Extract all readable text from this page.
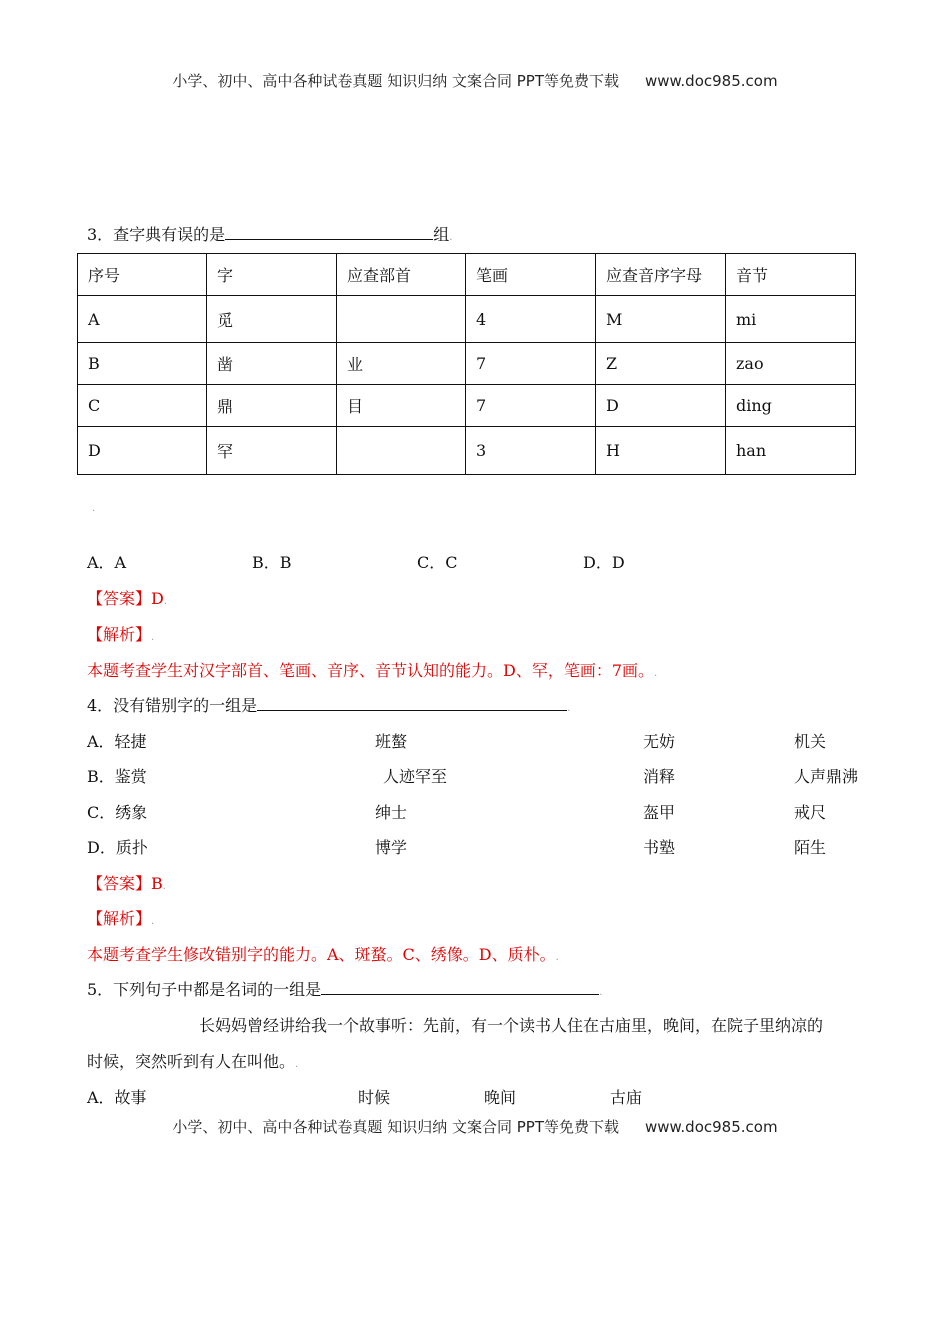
小学、初中、高中各种试卷真题 知识归纳 文案合同 PPT等免费下载 www.doc985.com
3．查字典有误的是	组.
序号	字	应查部首	笔画	应查音序字母	音节
A	觅		4	M	mi
B	凿	业	7	Z	zao
C	鼎	目	7	D	ding
D	罕		3	H	han
.
A．A	B．B	C．C	D．D
【答案】D.
【解析】.
本题考查学生对汉字部首、笔画、音序、音节认知的能力。D、罕，笔画：7画。.
4．没有错别字的一组是	.
A．轻捷	班螯	无妨	机关
B．鉴赏	人迹罕至	消释	人声鼎沸
C．绣象	绅士	盔甲	戒尺
D．质扑	博学	书塾	陌生
【答案】B.
【解析】.
本题考查学生修改错别字的能力。A、斑蝥。C、绣像。D、质朴。.
5．下列句子中都是名词的一组是	.
长妈妈曾经讲给我一个故事听：先前，有一个读书人住在古庙里，晚间，在院子里纳凉的
时候，突然听到有人在叫他。.
A．故事	时候	晚间	古庙
小学、初中、高中各种试卷真题 知识归纳 文案合同 PPT等免费下载 www.doc985.com
